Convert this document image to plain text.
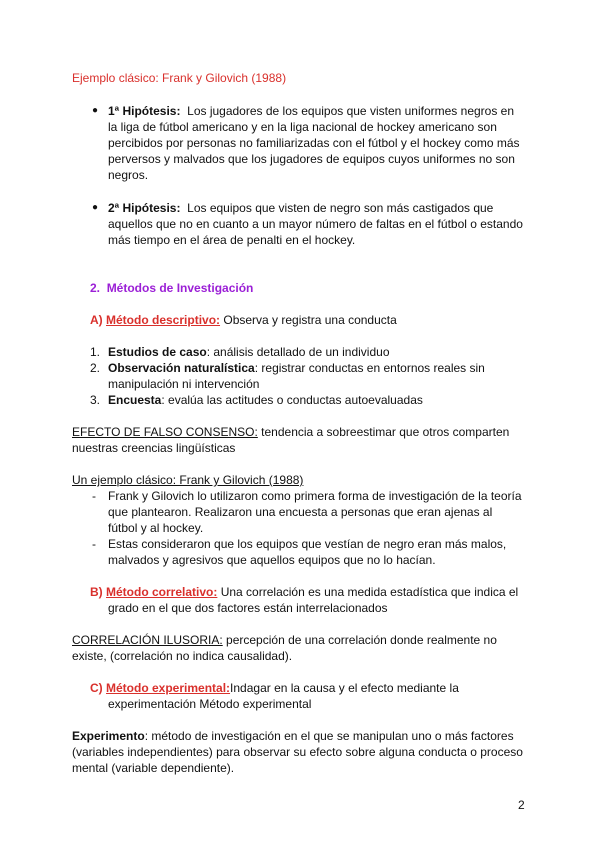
Ejemplo clásico: Frank y Gilovich (1988)
● 1ª Hipótesis: Los jugadores de los equipos que visten uniformes negros en
la liga de fútbol americano y en la liga nacional de hockey americano son
percibidos por personas no familiarizadas con el fútbol y el hockey como más
perversos y malvados que los jugadores de equipos cuyos uniformes no son
negros.
● 2ª Hipótesis: Los equipos que visten de negro son más castigados que
aquellos que no en cuanto a un mayor número de faltas en el fútbol o estando
más tiempo en el área de penalti en el hockey.
2. Métodos de Investigación
A) Método descriptivo: Observa y registra una conducta
1. Estudios de caso: análisis detallado de un individuo
2. Observación naturalística: registrar conductas en entornos reales sin
manipulación ni intervención
3. Encuesta: evalúa las actitudes o conductas autoevaluadas
EFECTO DE FALSO CONSENSO: tendencia a sobreestimar que otros comparten
nuestras creencias lingüísticas
Un ejemplo clásico: Frank y Gilovich (1988)
- Frank y Gilovich lo utilizaron como primera forma de investigación de la teoría
que plantearon. Realizaron una encuesta a personas que eran ajenas al
fútbol y al hockey.
- Estas consideraron que los equipos que vestían de negro eran más malos,
malvados y agresivos que aquellos equipos que no lo hacían.
B) Método correlativo: Una correlación es una medida estadística que indica el
grado en el que dos factores están interrelacionados
CORRELACIÓN ILUSORIA: percepción de una correlación donde realmente no
existe, (correlación no indica causalidad).
C) Método experimental:Indagar en la causa y el efecto mediante la
experimentación Método experimental
Experimento: método de investigación en el que se manipulan uno o más factores
(variables independientes) para observar su efecto sobre alguna conducta o proceso
mental (variable dependiente).
2
